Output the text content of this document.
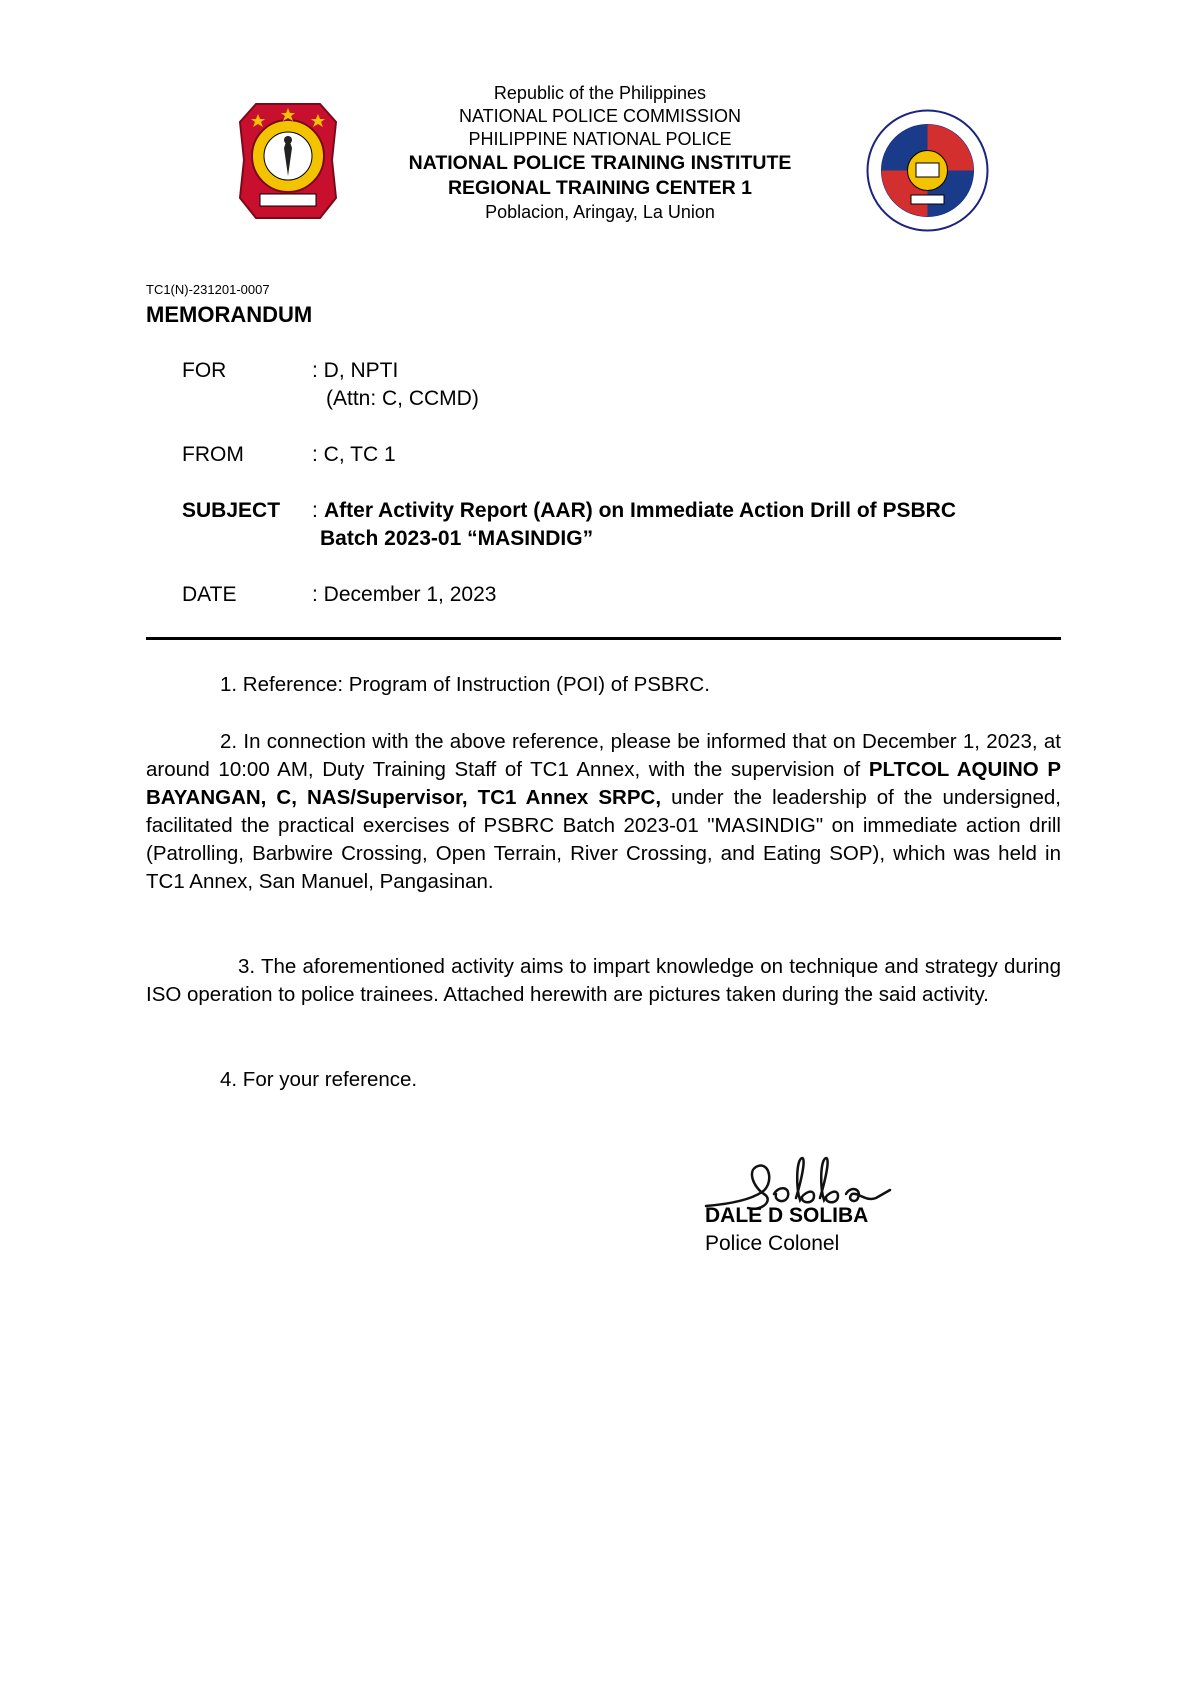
Republic of the Philippines
NATIONAL POLICE COMMISSION
PHILIPPINE NATIONAL POLICE
NATIONAL POLICE TRAINING INSTITUTE
REGIONAL TRAINING CENTER 1
Poblacion, Aringay, La Union
TC1(N)-231201-0007
MEMORANDUM
FOR	: D, NPTI
(Attn: C, CCMD)
FROM	: C, TC 1
SUBJECT : After Activity Report (AAR) on Immediate Action Drill of PSBRC
Batch 2023-01 “MASINDIG”
DATE	: December 1, 2023

1. Reference: Program of Instruction (POI) of PSBRC.

2. In connection with the above reference, please be informed that on December 1, 2023, at around 10:00 AM, Duty Training Staff of TC1 Annex, with the supervision of PLTCOL AQUINO P BAYANGAN, C, NAS/Supervisor, TC1 Annex SRPC, under the leadership of the undersigned, facilitated the practical exercises of PSBRC Batch 2023-01 "MASINDIG" on immediate action drill (Patrolling, Barbwire Crossing, Open Terrain, River Crossing, and Eating SOP), which was held in TC1 Annex, San Manuel, Pangasinan.

3. The aforementioned activity aims to impart knowledge on technique and strategy during ISO operation to police trainees. Attached herewith are pictures taken during the said activity.

4. For your reference.

DALE D SOLIBA
Police Colonel
